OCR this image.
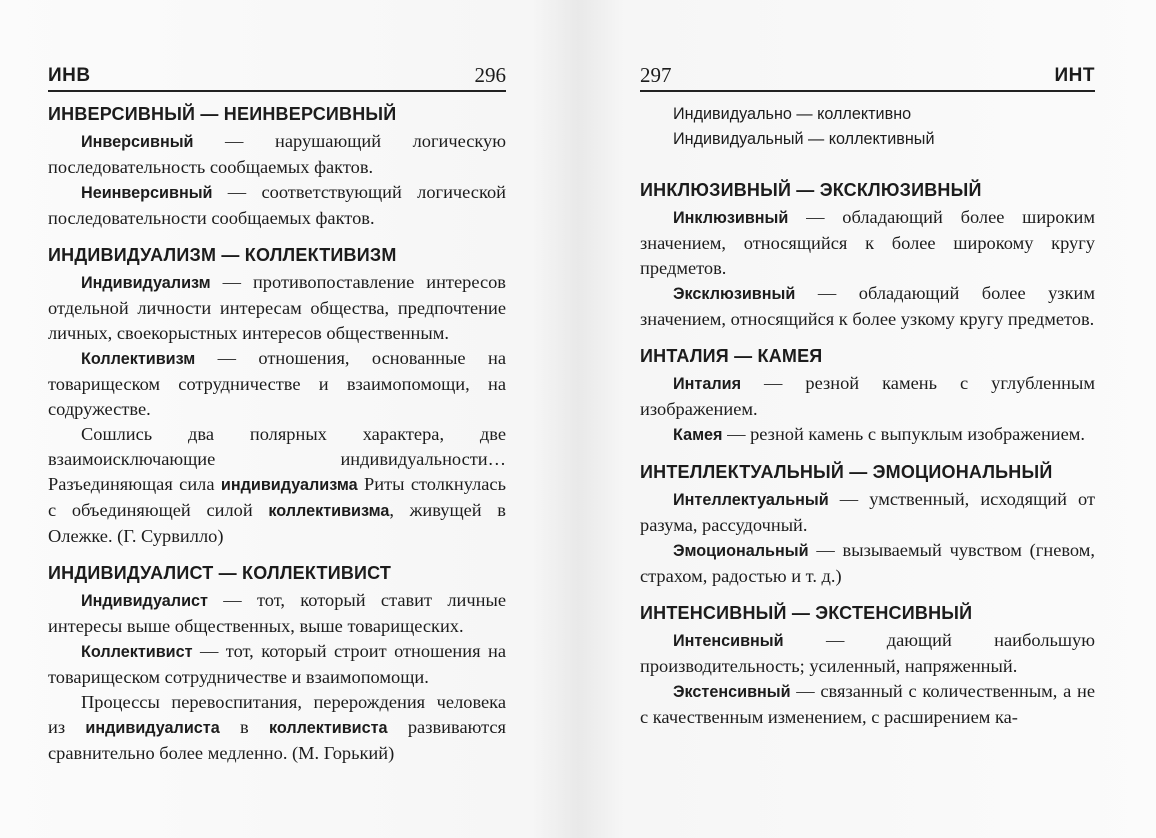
ИНВ	296
ИНВЕРСИВНЫЙ — НЕИНВЕРСИВНЫЙ

Инверсивный — нарушающий логическую последовательность сообщаемых фактов.

Неинверсивный — соответствующий логической последовательности сообщаемых фактов.

ИНДИВИДУАЛИЗМ — КОЛЛЕКТИВИЗМ

Индивидуализм — противопоставление интересов отдельной личности интересам общества, предпочтение личных, своекорыстных интересов общественным.

Коллективизм — отношения, основанные на товарищеском сотрудничестве и взаимопомощи, на содружестве.

Сошлись два полярных характера, две взаимоисключающие индивидуальности… Разъединяющая сила индивидуализма Риты столкнулась с объединяющей силой коллективизма, живущей в Олежке. (Г. Сурвилло)

ИНДИВИДУАЛИСТ — КОЛЛЕКТИВИСТ

Индивидуалист — тот, который ставит личные интересы выше общественных, выше товарищеских.

Коллективист — тот, который строит отношения на товарищеском сотрудничестве и взаимопомощи.

Процессы перевоспитания, перерождения человека из индивидуалиста в коллективиста развиваются сравнительно более медленно. (М. Горький)

297	ИНТ
Индивидуально — коллективно
Индивидуальный — коллективный
ИНКЛЮЗИВНЫЙ — ЭКСКЛЮЗИВНЫЙ

Инклюзивный — обладающий более широким значением, относящийся к более широкому кругу предметов.

Эксклюзивный — обладающий более узким значением, относящийся к более узкому кругу предметов.

ИНТАЛИЯ — КАМЕЯ

Инталия — резной камень с углубленным изображением.

Камея — резной камень с выпуклым изображением.

ИНТЕЛЛЕКТУАЛЬНЫЙ — ЭМОЦИОНАЛЬНЫЙ

Интеллектуальный — умственный, исходящий от разума, рассудочный.

Эмоциональный — вызываемый чувством (гневом, страхом, радостью и т. д.)

ИНТЕНСИВНЫЙ — ЭКСТЕНСИВНЫЙ

Интенсивный — дающий наибольшую производительность; усиленный, напряженный.

Экстенсивный — связанный с количественным, а не с качественным изменением, с расширением ка-
